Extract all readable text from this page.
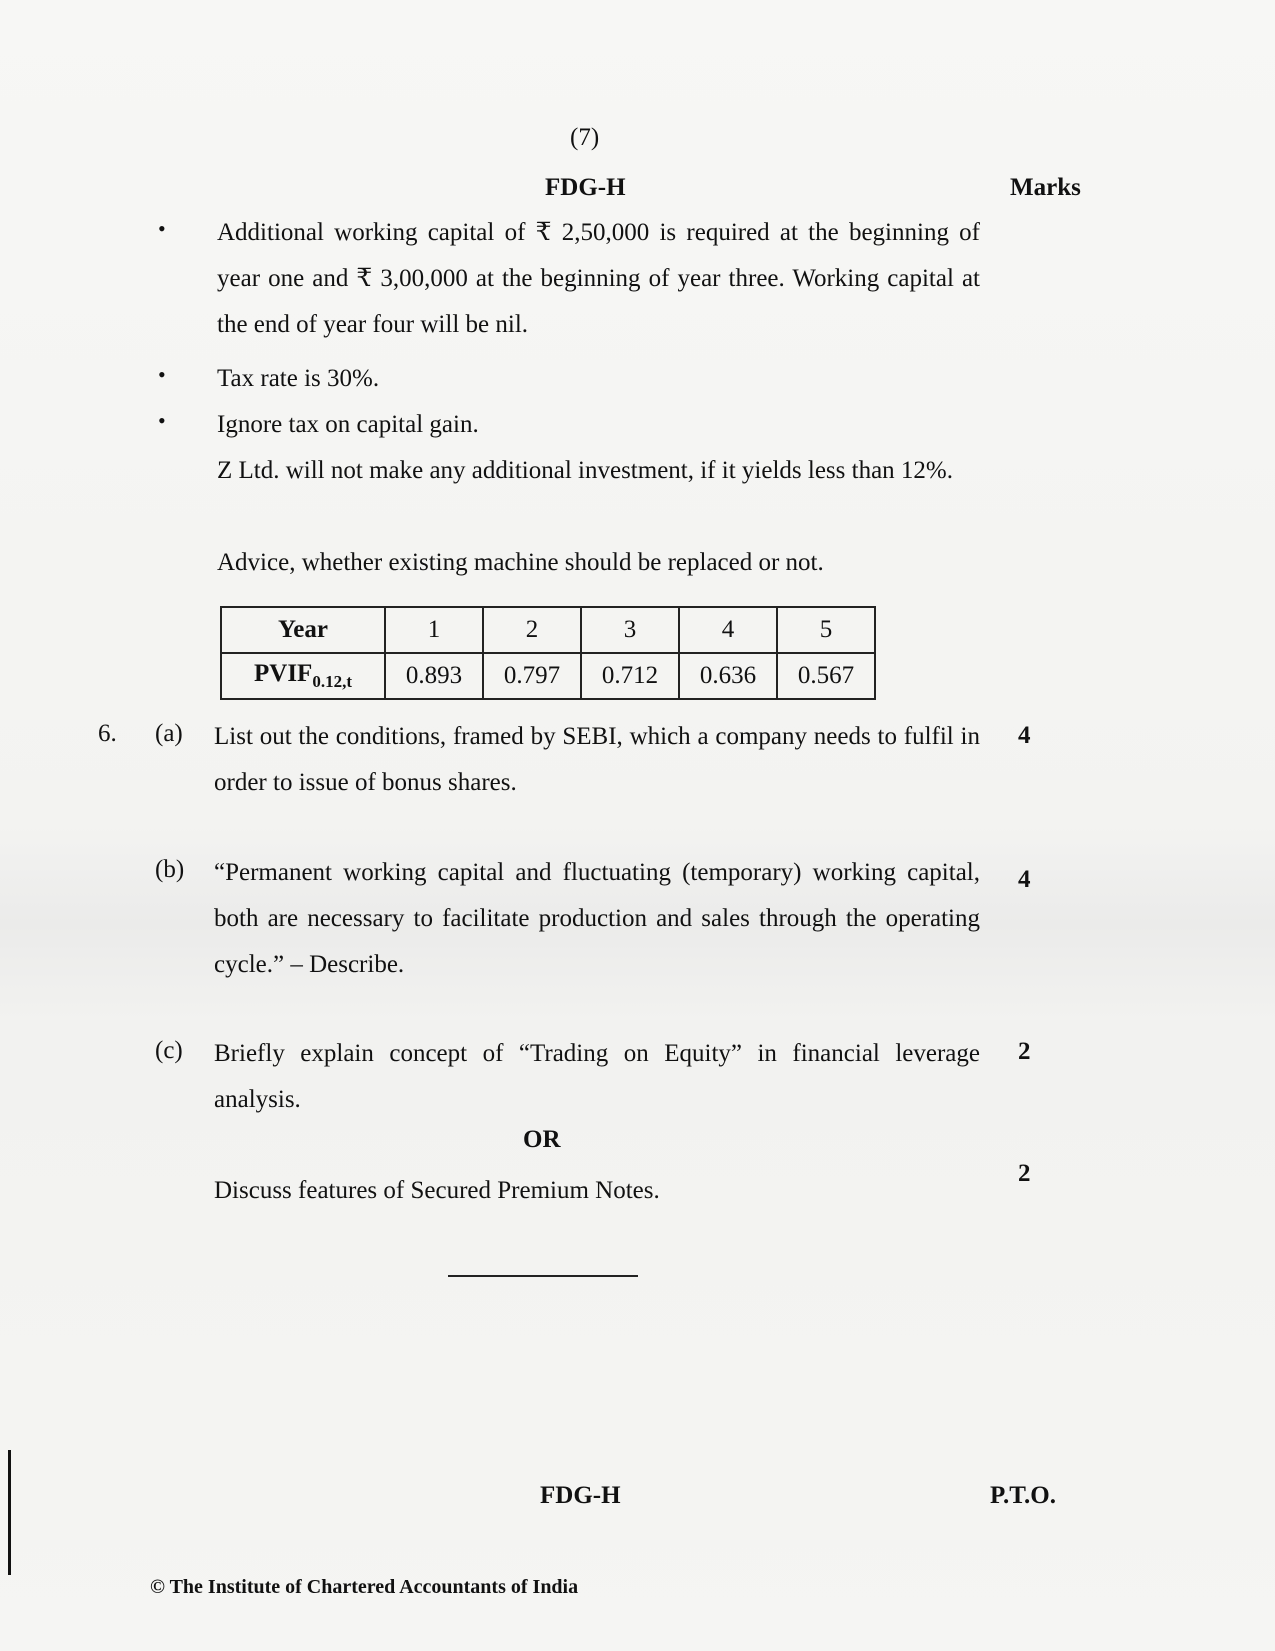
(7)
FDG-H	Marks
• Additional working capital of ₹ 2,50,000 is required at the beginning of year one and ₹ 3,00,000 at the beginning of year three. Working capital at the end of year four will be nil.
• Tax rate is 30%.
• Ignore tax on capital gain.
Z Ltd. will not make any additional investment, if it yields less than 12%.
Advice, whether existing machine should be replaced or not.
Year	1	2	3	4	5
$PVIF_{0.12,t}$	0.893	0.797	0.712	0.636	0.567
6. (a) List out the conditions, framed by SEBI, which a company needs to fulfil in order to issue of bonus shares.
4
(b) “Permanent working capital and fluctuating (temporary) working capital, both are necessary to facilitate production and sales through the operating cycle.” – Describe.
4
(c) Briefly explain concept of “Trading on Equity” in financial leverage analysis.
2
OR
Discuss features of Secured Premium Notes.
2
FDG-H	P.T.O.
© The Institute of Chartered Accountants of India
